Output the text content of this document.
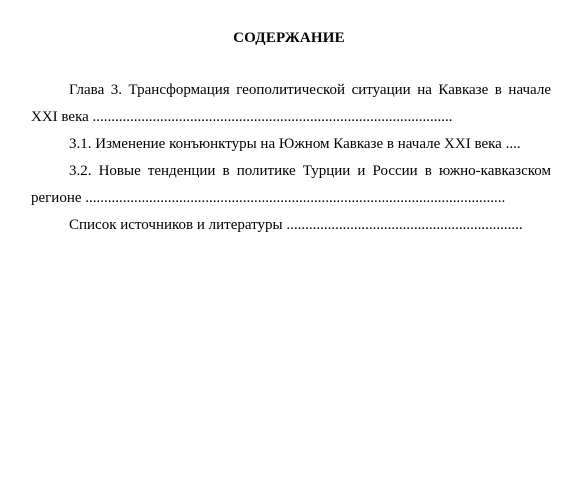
СОДЕРЖАНИЕ

Глава 3. Трансформация геополитической ситуации на Кавказе в начале XXI века ................................................................................................

3.1. Изменение конъюнктуры на Южном Кавказе в начале XXI века ....

3.2. Новые тенденции в политике Турции и России в южно-кавказском регионе ................................................................................................................

Список источников и литературы ...............................................................
